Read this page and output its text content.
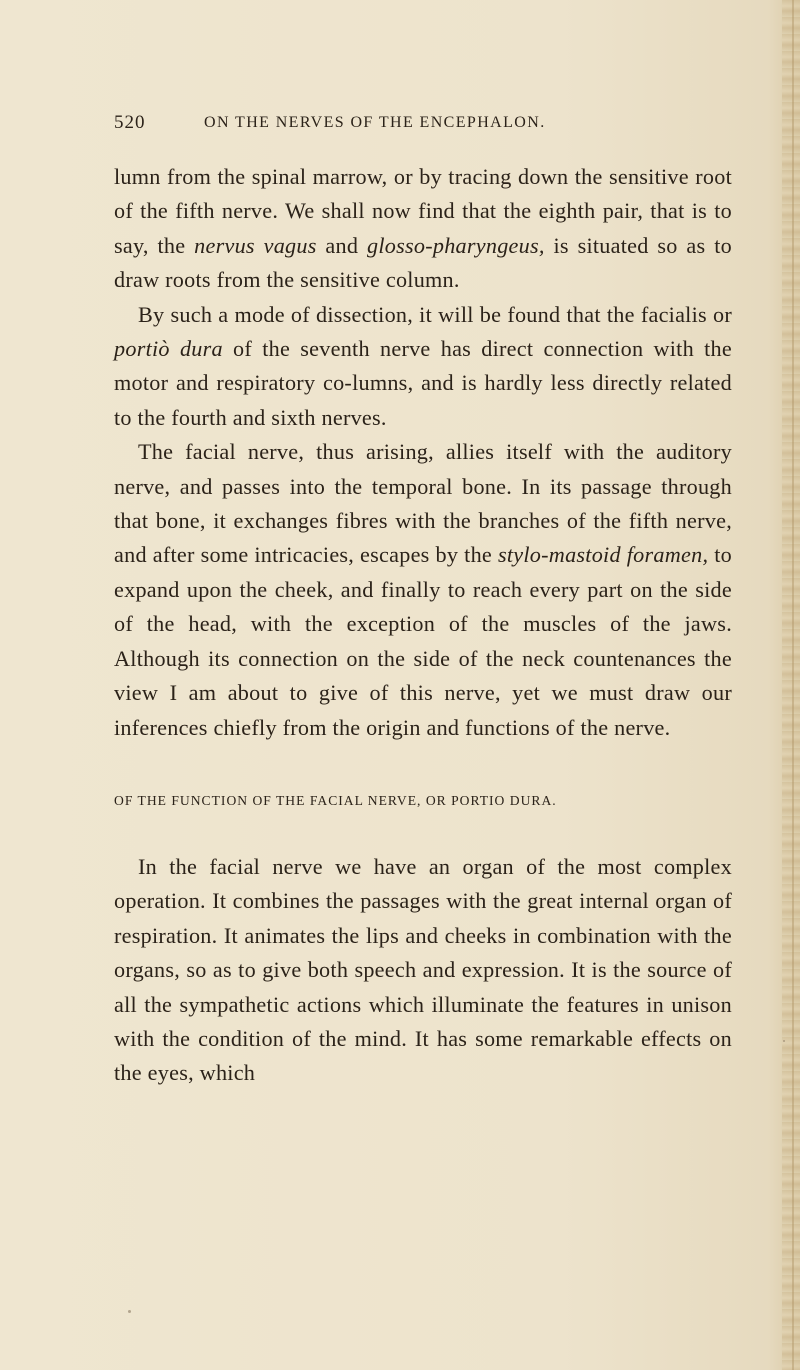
520	ON THE NERVES OF THE ENCEPHALON.

lumn from the spinal marrow, or by tracing down the sensitive root of the fifth nerve. We shall now find that the eighth pair, that is to say, the nervus vagus and glosso-pharyngeus, is situated so as to draw roots from the sensitive column.

By such a mode of dissection, it will be found that the facialis or portiò dura of the seventh nerve has direct connection with the motor and respiratory co-lumns, and is hardly less directly related to the fourth and sixth nerves.

The facial nerve, thus arising, allies itself with the auditory nerve, and passes into the temporal bone. In its passage through that bone, it exchanges fibres with the branches of the fifth nerve, and after some intricacies, escapes by the stylo-mastoid foramen, to expand upon the cheek, and finally to reach every part on the side of the head, with the exception of the muscles of the jaws. Although its connection on the side of the neck countenances the view I am about to give of this nerve, yet we must draw our inferences chiefly from the origin and functions of the nerve.

OF THE FUNCTION OF THE FACIAL NERVE, OR PORTIO DURA.

In the facial nerve we have an organ of the most complex operation. It combines the passages with the great internal organ of respiration. It animates the lips and cheeks in combination with the organs, so as to give both speech and expression. It is the source of all the sympathetic actions which illuminate the features in unison with the condition of the mind. It has some remarkable effects on the eyes, which
